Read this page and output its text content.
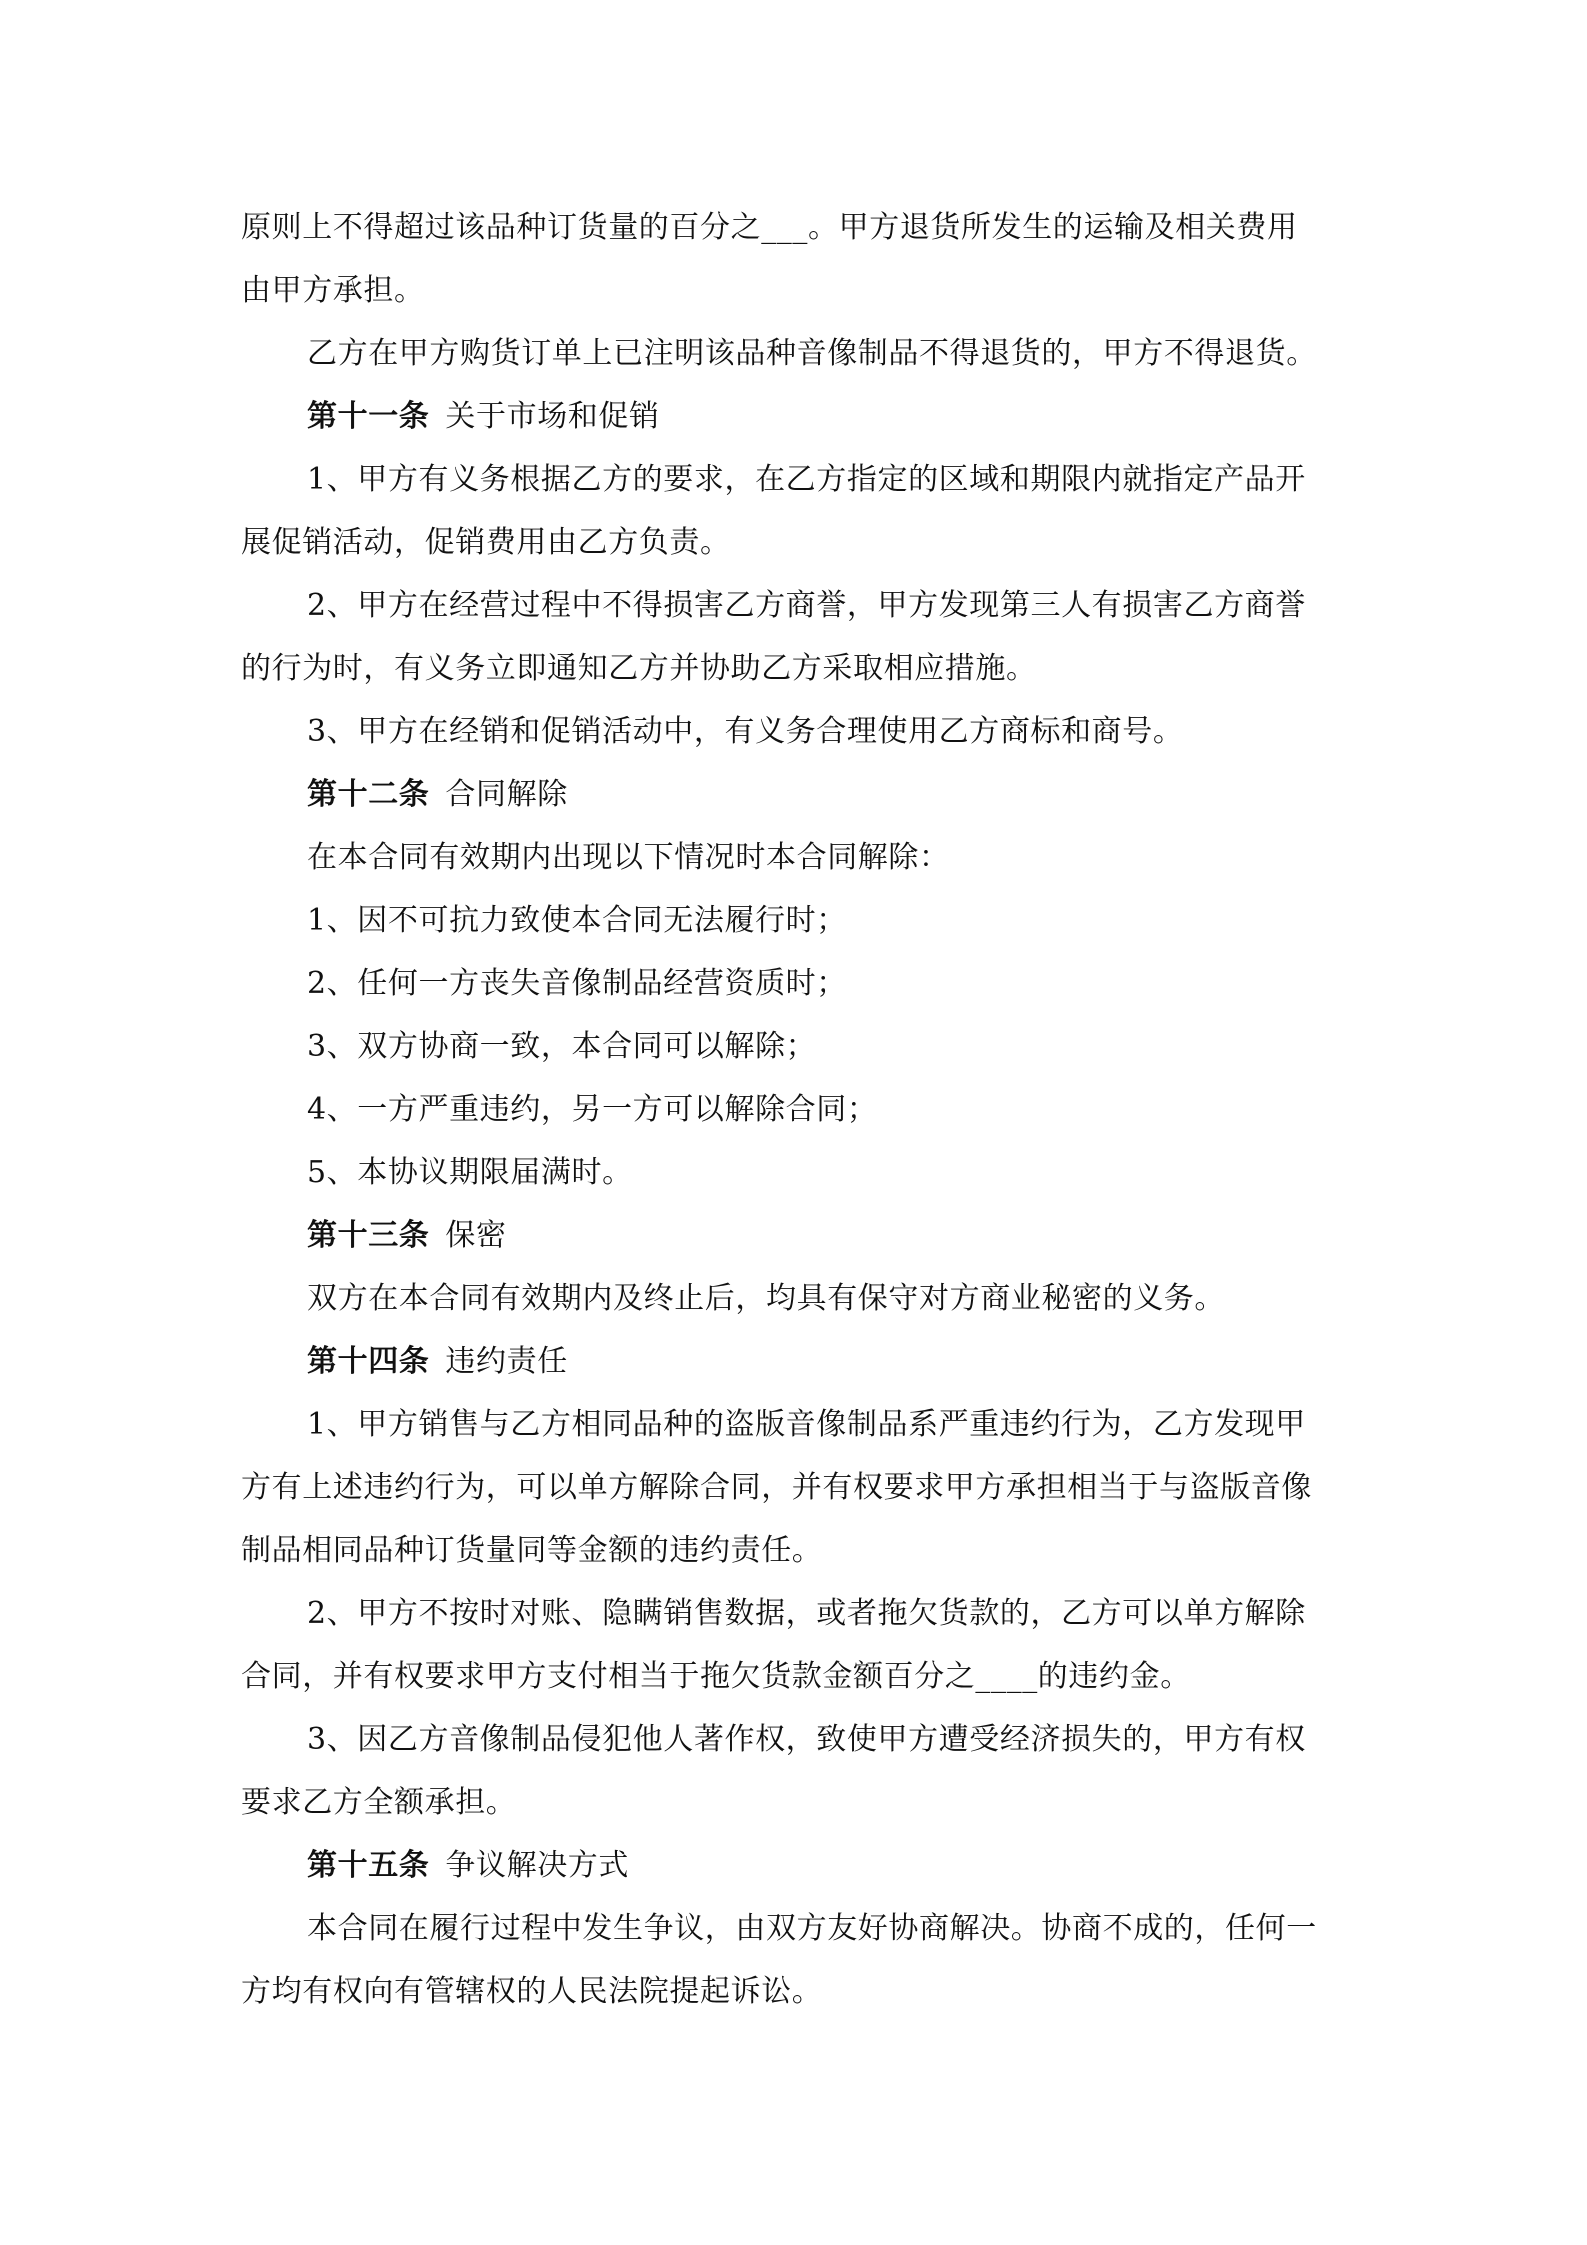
原则上不得超过该品种订货量的百分之___。甲方退货所发生的运输及相关费用
由甲方承担。
乙方在甲方购货订单上已注明该品种音像制品不得退货的，甲方不得退货。
第十一条 关于市场和促销
1、甲方有义务根据乙方的要求，在乙方指定的区域和期限内就指定产品开
展促销活动，促销费用由乙方负责。
2、甲方在经营过程中不得损害乙方商誉，甲方发现第三人有损害乙方商誉
的行为时，有义务立即通知乙方并协助乙方采取相应措施。
3、甲方在经销和促销活动中，有义务合理使用乙方商标和商号。
第十二条 合同解除
在本合同有效期内出现以下情况时本合同解除：
1、因不可抗力致使本合同无法履行时；
2、任何一方丧失音像制品经营资质时；
3、双方协商一致，本合同可以解除；
4、一方严重违约，另一方可以解除合同；
5、本协议期限届满时。
第十三条 保密
双方在本合同有效期内及终止后，均具有保守对方商业秘密的义务。
第十四条 违约责任
1、甲方销售与乙方相同品种的盗版音像制品系严重违约行为，乙方发现甲
方有上述违约行为，可以单方解除合同，并有权要求甲方承担相当于与盗版音像
制品相同品种订货量同等金额的违约责任。
2、甲方不按时对账、隐瞒销售数据，或者拖欠货款的，乙方可以单方解除
合同，并有权要求甲方支付相当于拖欠货款金额百分之____的违约金。
3、因乙方音像制品侵犯他人著作权，致使甲方遭受经济损失的，甲方有权
要求乙方全额承担。
第十五条 争议解决方式
本合同在履行过程中发生争议，由双方友好协商解决。协商不成的，任何一
方均有权向有管辖权的人民法院提起诉讼。
